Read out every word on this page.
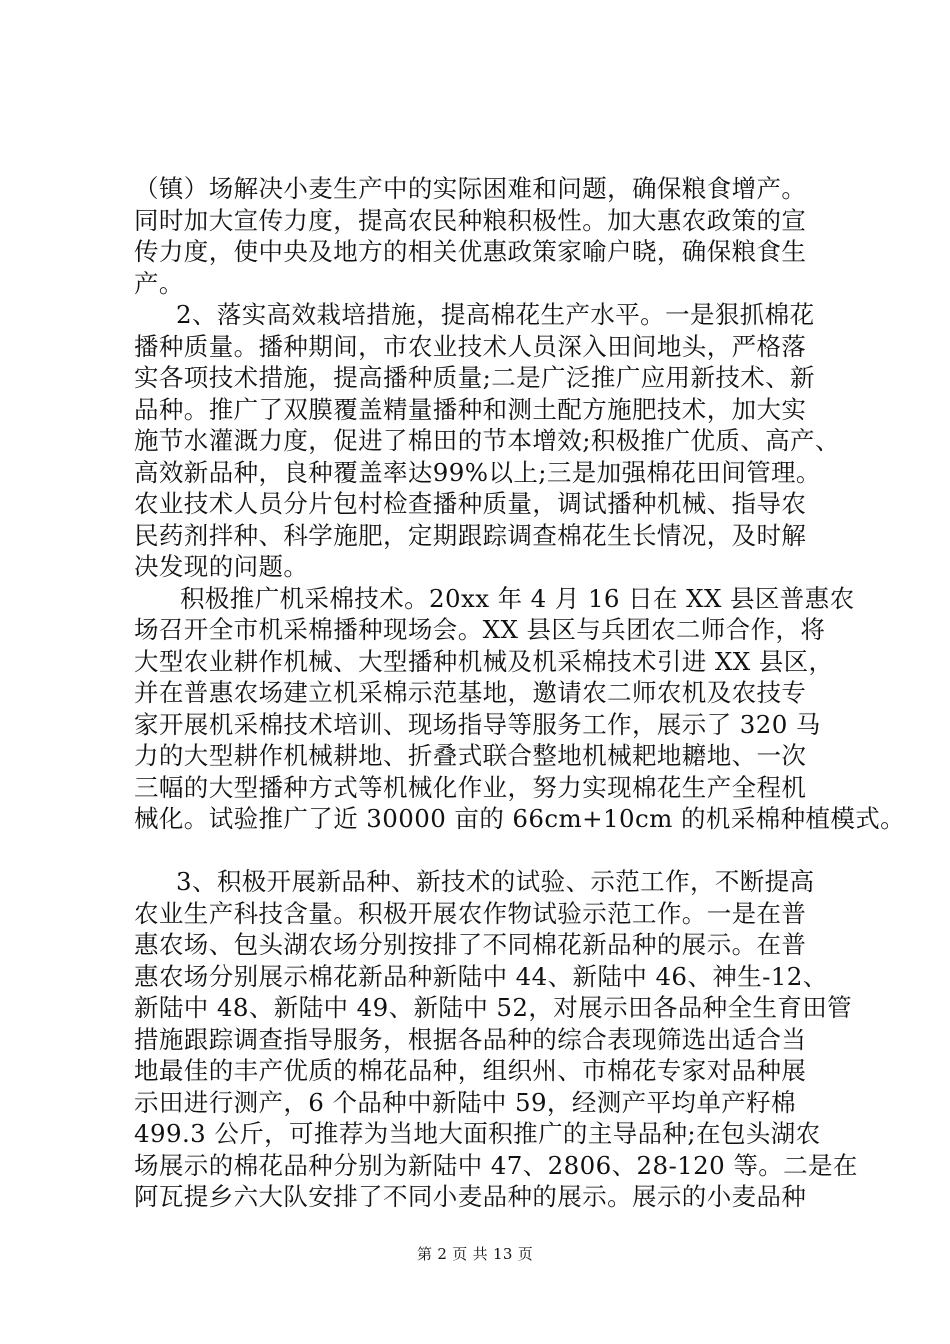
（镇）场解决小麦生产中的实际困难和问题，确保粮食增产。
同时加大宣传力度，提高农民种粮积极性。加大惠农政策的宣
传力度，使中央及地方的相关优惠政策家喻户晓，确保粮食生
产。
2、落实高效栽培措施，提高棉花生产水平。一是狠抓棉花
播种质量。播种期间，市农业技术人员深入田间地头，严格落
实各项技术措施，提高播种质量;二是广泛推广应用新技术、新
品种。推广了双膜覆盖精量播种和测土配方施肥技术，加大实
施节水灌溉力度，促进了棉田的节本增效;积极推广优质、高产、
高效新品种，良种覆盖率达99%以上;三是加强棉花田间管理。
农业技术人员分片包村检查播种质量，调试播种机械、指导农
民药剂拌种、科学施肥，定期跟踪调查棉花生长情况，及时解
决发现的问题。
积极推广机采棉技术。20xx 年 4 月 16 日在 XX 县区普惠农
场召开全市机采棉播种现场会。XX 县区与兵团农二师合作，将
大型农业耕作机械、大型播种机械及机采棉技术引进 XX 县区，
并在普惠农场建立机采棉示范基地，邀请农二师农机及农技专
家开展机采棉技术培训、现场指导等服务工作，展示了 320 马
力的大型耕作机械耕地、折叠式联合整地机械耙地耱地、一次
三幅的大型播种方式等机械化作业，努力实现棉花生产全程机
械化。试验推广了近 30000 亩的 66cm+10cm 的机采棉种植模式。
3、积极开展新品种、新技术的试验、示范工作，不断提高
农业生产科技含量。积极开展农作物试验示范工作。一是在普
惠农场、包头湖农场分别按排了不同棉花新品种的展示。在普
惠农场分别展示棉花新品种新陆中 44、新陆中 46、神生-12、
新陆中 48、新陆中 49、新陆中 52，对展示田各品种全生育田管
措施跟踪调查指导服务，根据各品种的综合表现筛选出适合当
地最佳的丰产优质的棉花品种，组织州、市棉花专家对品种展
示田进行测产，6 个品种中新陆中 59，经测产平均单产籽棉
499.3 公斤，可推荐为当地大面积推广的主导品种;在包头湖农
场展示的棉花品种分别为新陆中 47、2806、28-120 等。二是在
阿瓦提乡六大队安排了不同小麦品种的展示。展示的小麦品种
第 2 页 共 13 页
